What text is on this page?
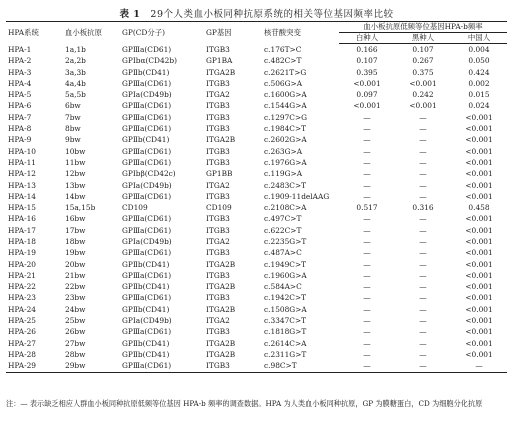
表 1 29个人类血小板同种抗原系统的相关等位基因频率比较
HPA系统	血小板抗原	GP(CD分子)	GP基因	核苷酸突变	血小板抗原低频等位基因HPA-b频率		
					白种人	黑种人	中国人
HPA-1	1a,1b	GPⅢa(CD61)	ITGB3	c.176T>C	0.166	0.107	0.004
HPA-2	2a,2b	GPⅠbα(CD42b)	GP1BA	c.482C>T	0.107	0.267	0.050
HPA-3	3a,3b	GPⅡb(CD41)	ITGA2B	c.2621T>G	0.395	0.375	0.424
HPA-4	4a,4b	GPⅢa(CD61)	ITGB3	c.506G>A	<0.001	<0.001	0.002
HPA-5	5a,5b	GPⅠa(CD49b)	ITGA2	c.1600G>A	0.097	0.242	0.015
HPA-6	6bw	GPⅢa(CD61)	ITGB3	c.1544G>A	<0.001	<0.001	0.024
HPA-7	7bw	GPⅢa(CD61)	ITGB3	c.1297C>G	—	—	<0.001
HPA-8	8bw	GPⅢa(CD61)	ITGB3	c.1984C>T	—	—	<0.001
HPA-9	9bw	GPⅡb(CD41)	ITGA2B	c.2602G>A	—	—	<0.001
HPA-10	10bw	GPⅢa(CD61)	ITGB3	c.263G>A	—	—	<0.001
HPA-11	11bw	GPⅢa(CD61)	ITGB3	c.1976G>A	—	—	<0.001
HPA-12	12bw	GPⅠbβ(CD42c)	GP1BB	c.119G>A	—	—	<0.001
HPA-13	13bw	GPⅠa(CD49b)	ITGA2	c.2483C>T	—	—	<0.001
HPA-14	14bw	GPⅢa(CD61)	ITGB3	c.1909-11delAAG	—	—	<0.001
HPA-15	15a,15b	CD109	CD109	c.2108C>A	0.517	0.316	0.458
HPA-16	16bw	GPⅢa(CD61)	ITGB3	c.497C>T	—	—	<0.001
HPA-17	17bw	GPⅢa(CD61)	ITGB3	c.622C>T	—	—	<0.001
HPA-18	18bw	GPⅠa(CD49b)	ITGA2	c.2235G>T	—	—	<0.001
HPA-19	19bw	GPⅢa(CD61)	ITGB3	c.487A>C	—	—	<0.001
HPA-20	20bw	GPⅡb(CD41)	ITGA2B	c.1949C>T	—	—	<0.001
HPA-21	21bw	GPⅢa(CD61)	ITGB3	c.1960G>A	—	—	<0.001
HPA-22	22bw	GPⅡb(CD41)	ITGA2B	c.584A>C	—	—	<0.001
HPA-23	23bw	GPⅢa(CD61)	ITGB3	c.1942C>T	—	—	<0.001
HPA-24	24bw	GPⅡb(CD41)	ITGA2B	c.1508G>A	—	—	<0.001
HPA-25	25bw	GPⅠa(CD49b)	ITGA2	c.3347C>T	—	—	<0.001
HPA-26	26bw	GPⅢa(CD61)	ITGB3	c.1818G>T	—	—	<0.001
HPA-27	27bw	GPⅡb(CD41)	ITGA2B	c.2614C>A	—	—	<0.001
HPA-28	28bw	GPⅡb(CD41)	ITGA2B	c.2311G>T	—	—	<0.001
HPA-29	29bw	GPⅢa(CD61)	ITGB3	c.98C>T	—	—	—
注：— 表示缺乏相应人群血小板同种抗原低频等位基因 HPA-b 频率的调查数据。HPA 为人类血小板同种抗原，GP 为膜糖蛋白，CD 为细胞分化抗原
